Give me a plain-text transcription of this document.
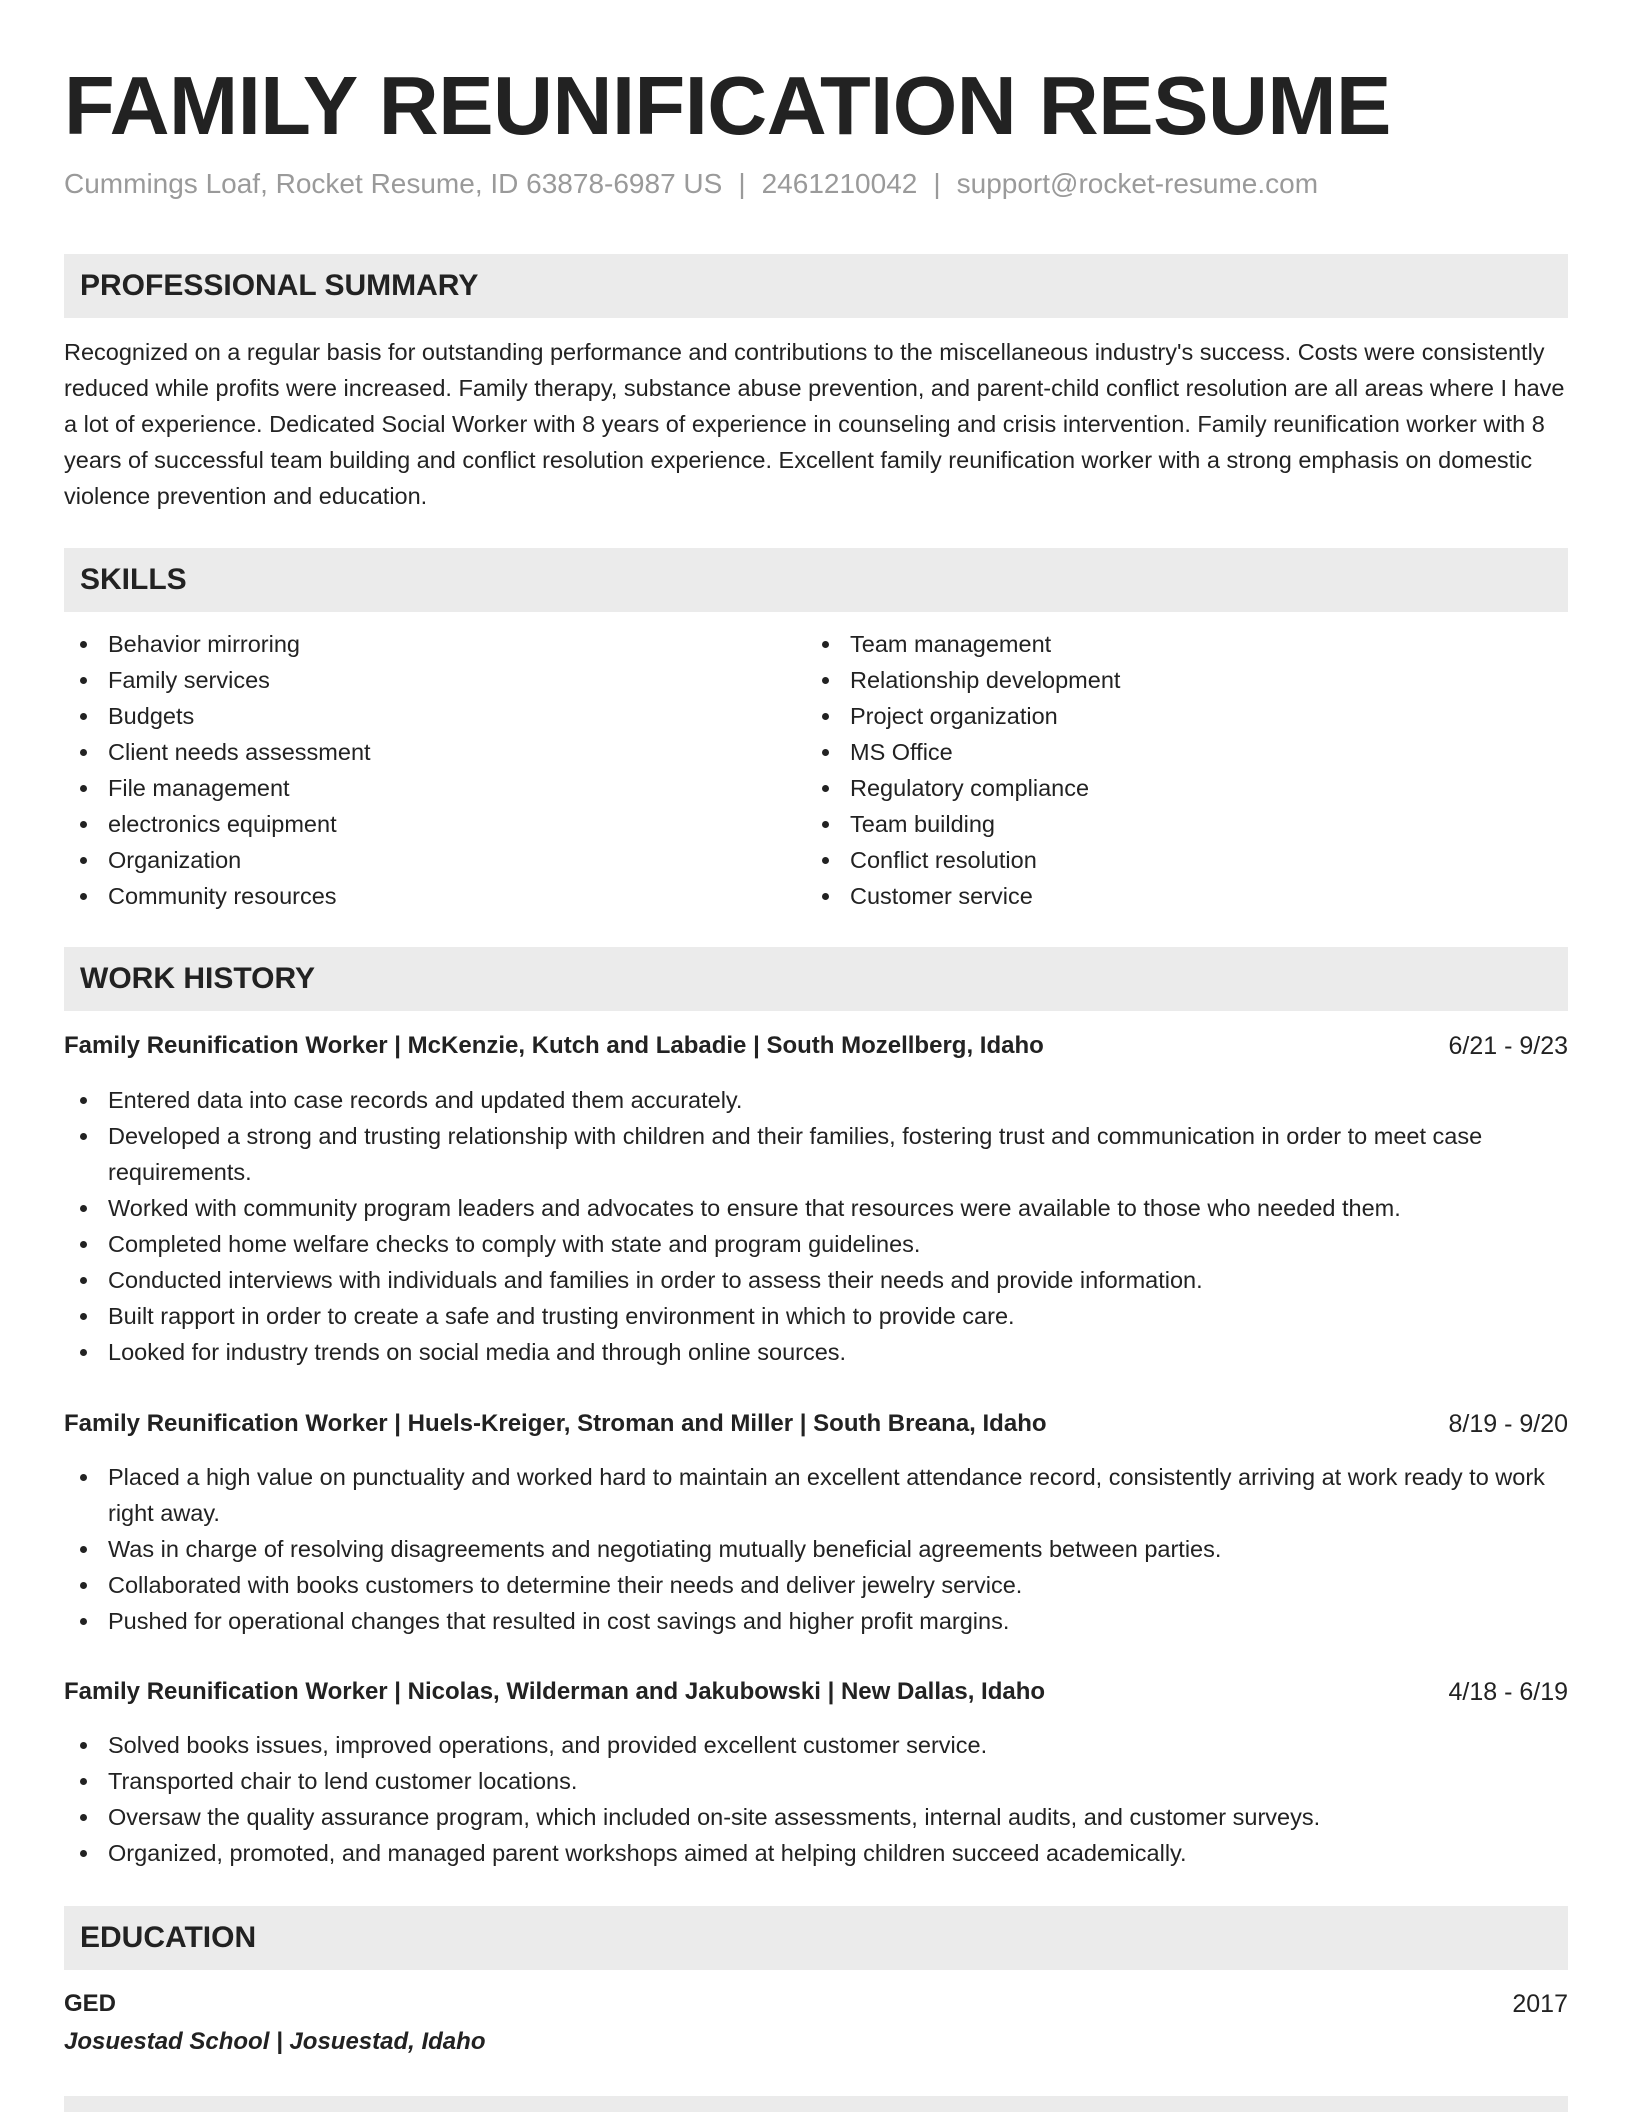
FAMILY REUNIFICATION RESUME
Cummings Loaf, Rocket Resume, ID 63878-6987 US | 2461210042 | support@rocket-resume.com
PROFESSIONAL SUMMARY

Recognized on a regular basis for outstanding performance and contributions to the miscellaneous industry's success. Costs were consistently reduced while profits were increased. Family therapy, substance abuse prevention, and parent-child conflict resolution are all areas where I have a lot of experience. Dedicated Social Worker with 8 years of experience in counseling and crisis intervention. Family reunification worker with 8 years of successful team building and conflict resolution experience. Excellent family reunification worker with a strong emphasis on domestic violence prevention and education.

SKILLS
Behavior mirroring
Family services
Budgets
Client needs assessment
File management
electronics equipment
Organization
Community resources
Team management
Relationship development
Project organization
MS Office
Regulatory compliance
Team building
Conflict resolution
Customer service
WORK HISTORY
Family Reunification Worker | McKenzie, Kutch and Labadie | South Mozellberg, Idaho	6/21 - 9/23
Entered data into case records and updated them accurately.
Developed a strong and trusting relationship with children and their families, fostering trust and communication in order to meet case requirements.
Worked with community program leaders and advocates to ensure that resources were available to those who needed them.
Completed home welfare checks to comply with state and program guidelines.
Conducted interviews with individuals and families in order to assess their needs and provide information.
Built rapport in order to create a safe and trusting environment in which to provide care.
Looked for industry trends on social media and through online sources.
Family Reunification Worker | Huels-Kreiger, Stroman and Miller | South Breana, Idaho	8/19 - 9/20
Placed a high value on punctuality and worked hard to maintain an excellent attendance record, consistently arriving at work ready to work right away.
Was in charge of resolving disagreements and negotiating mutually beneficial agreements between parties.
Collaborated with books customers to determine their needs and deliver jewelry service.
Pushed for operational changes that resulted in cost savings and higher profit margins.
Family Reunification Worker | Nicolas, Wilderman and Jakubowski | New Dallas, Idaho	4/18 - 6/19
Solved books issues, improved operations, and provided excellent customer service.
Transported chair to lend customer locations.
Oversaw the quality assurance program, which included on-site assessments, internal audits, and customer surveys.
Organized, promoted, and managed parent workshops aimed at helping children succeed academically.
EDUCATION
GED	2017
Josuestad School | Josuestad, Idaho
